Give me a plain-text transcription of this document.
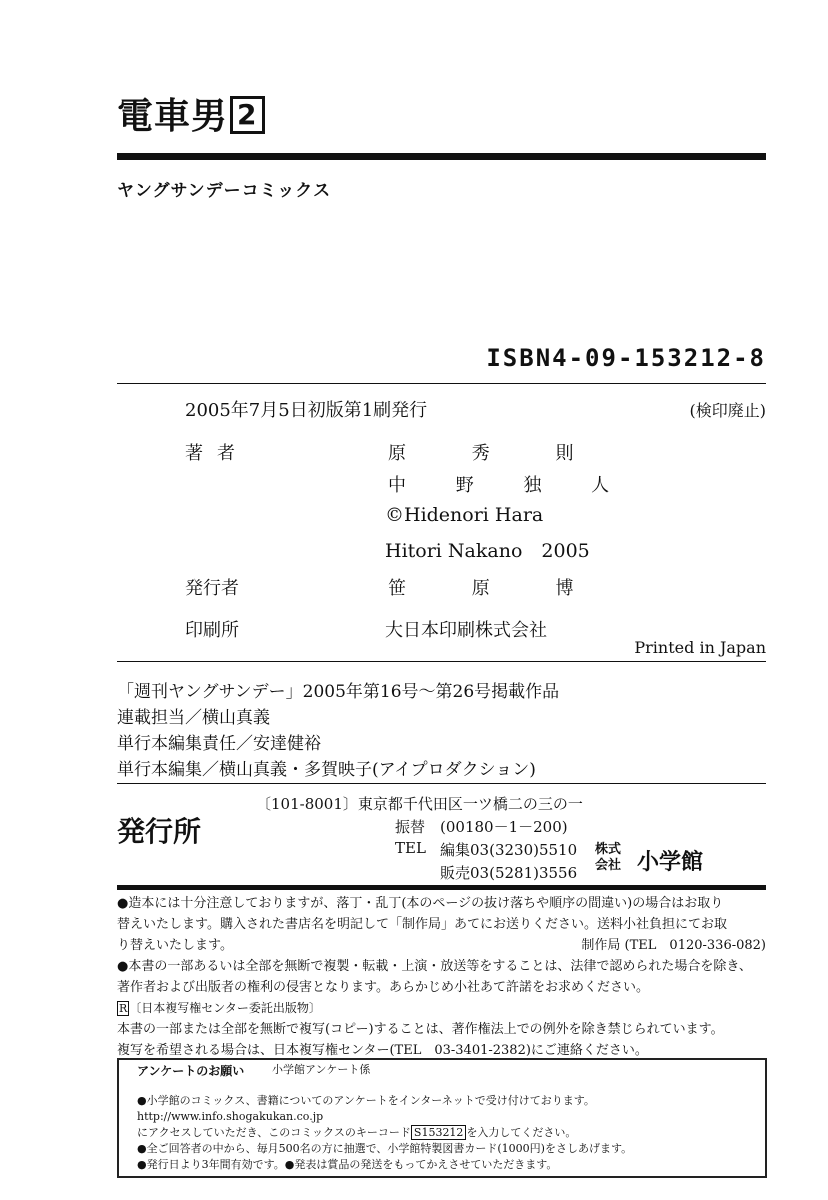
電車男 2
ヤングサンデーコミックス
ISBN4-09-153212-8
2005年7月5日初版第1刷発行	(検印廃止)
著者	原 秀 則
中 野 独 人
©Hidenori Hara
Hitori Nakano　2005
発行者	笹 原 博
印刷所	大日本印刷株式会社
Printed in Japan
「週刊ヤングサンデー」2005年第16号～第26号掲載作品
連載担当／横山真義
単行本編集責任／安達健裕
単行本編集／横山真義・多賀映子(アイプロダクション)
発行所
〔101-8001〕東京都千代田区一ツ橋二の三の一
振替　(00180－1－200)
TEL 編集03(3230)5510
販売03(5281)3556
株式会社 小学館
●造本には十分注意しておりますが、落丁・乱丁(本のページの抜け落ちや順序の間違い)の場合はお取り
替えいたします。購入された書店名を明記して「制作局」あてにお送りください。送料小社負担にてお取
り替えいたします。	制作局 (TEL　0120-336-082)
●本書の一部あるいは全部を無断で複製・転載・上演・放送等をすることは、法律で認められた場合を除き、
著作者および出版者の権利の侵害となります。あらかじめ小社あて許諾をお求めください。
R 〔日本複写権センター委託出版物〕
本書の一部または全部を無断で複写(コピー)することは、著作権法上での例外を除き禁じられています。
複写を希望される場合は、日本複写権センター(TEL　03-3401-2382)にご連絡ください。
アンケートのお願い	小学館アンケート係
●小学館のコミックス、書籍についてのアンケートをインターネットで受け付けております。
http://www.info.shogakukan.co.jp
にアクセスしていただき、このコミックスのキーコード S153212 を入力してください。
●全ご回答者の中から、毎月500名の方に抽選で、小学館特製図書カード(1000円)をさしあげます。
●発行日より3年間有効です。●発表は賞品の発送をもってかえさせていただきます。
